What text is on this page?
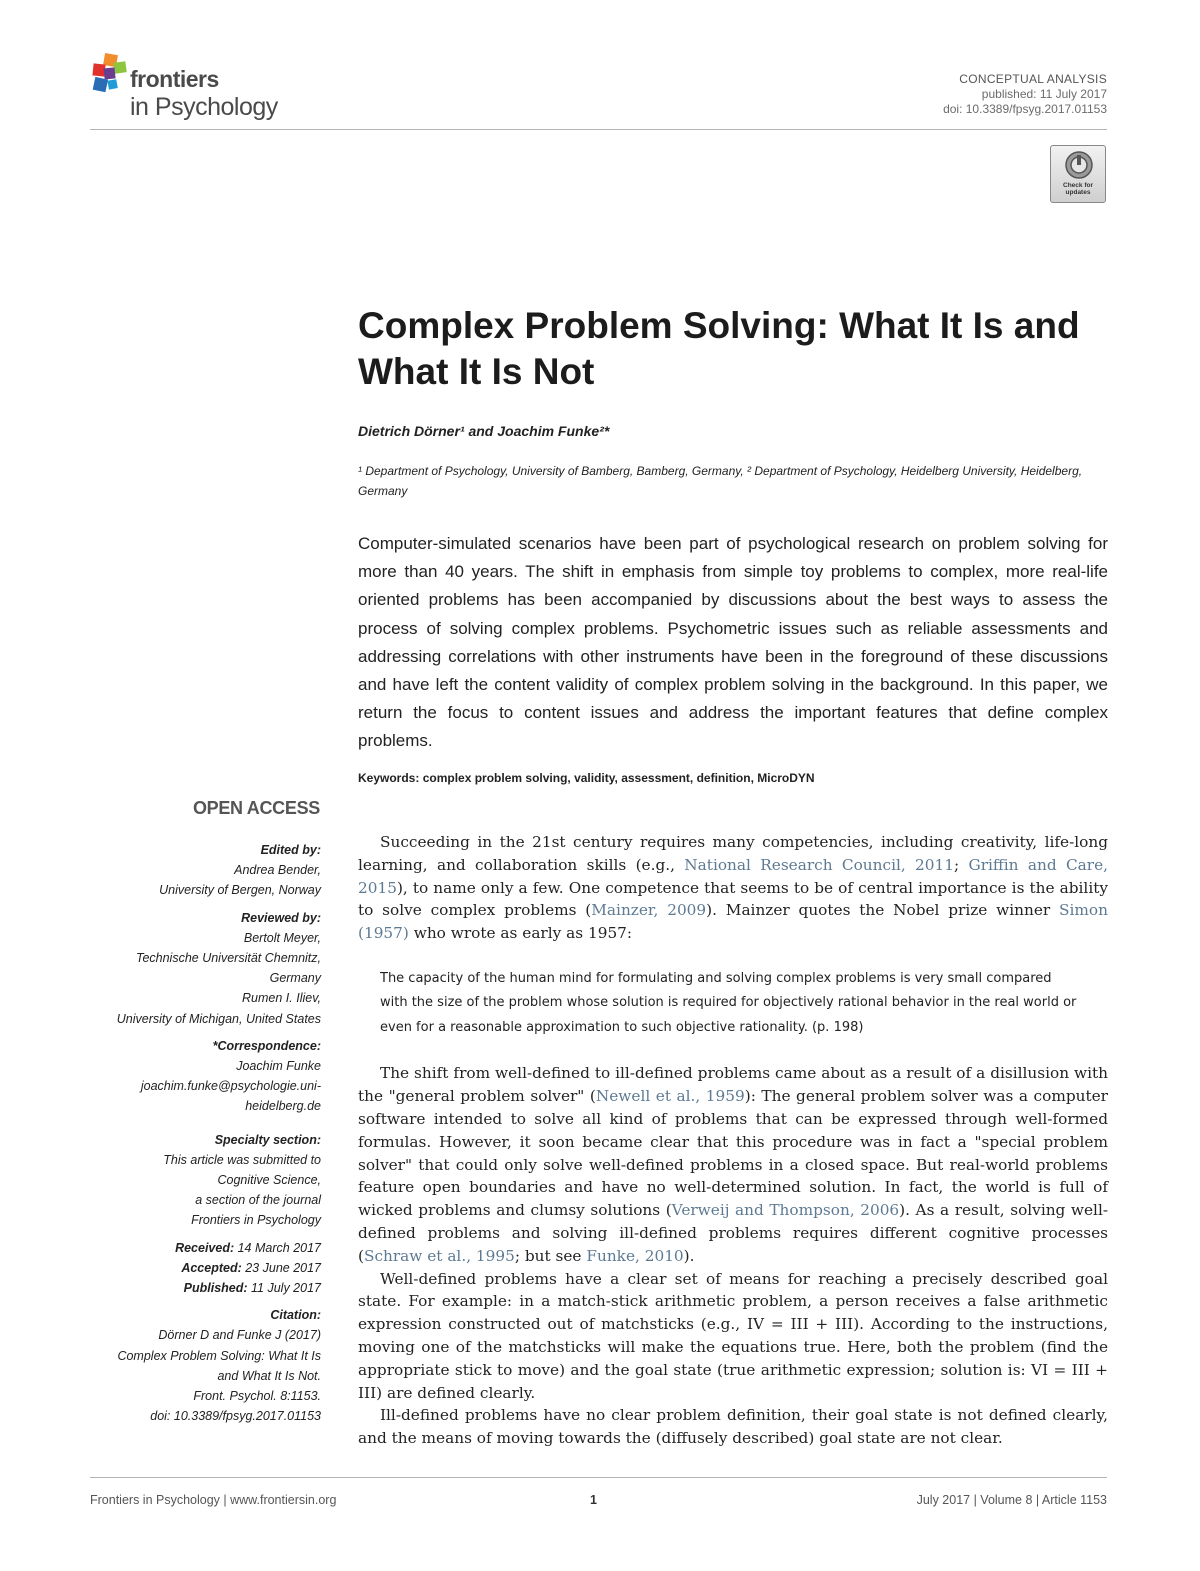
frontiers
in Psychology
CONCEPTUAL ANALYSIS
published: 11 July 2017
doi: 10.3389/fpsyg.2017.01153
Check for updates
Complex Problem Solving: What It Is and What It Is Not
Dietrich Dörner¹ and Joachim Funke²*
¹ Department of Psychology, University of Bamberg, Bamberg, Germany, ² Department of Psychology, Heidelberg University, Heidelberg, Germany

Computer-simulated scenarios have been part of psychological research on problem solving for more than 40 years. The shift in emphasis from simple toy problems to complex, more real-life oriented problems has been accompanied by discussions about the best ways to assess the process of solving complex problems. Psychometric issues such as reliable assessments and addressing correlations with other instruments have been in the foreground of these discussions and have left the content validity of complex problem solving in the background. In this paper, we return the focus to content issues and address the important features that define complex problems.

Keywords: complex problem solving, validity, assessment, definition, MicroDYN
OPEN ACCESS
Edited by:
Andrea Bender,
University of Bergen, Norway
Reviewed by:
Bertolt Meyer,
Technische Universität Chemnitz,
Germany
Rumen I. Iliev,
University of Michigan, United States
*Correspondence:
Joachim Funke
joachim.funke@psychologie.uni-
heidelberg.de
Specialty section:
This article was submitted to
Cognitive Science,
a section of the journal
Frontiers in Psychology
Received: 14 March 2017
Accepted: 23 June 2017
Published: 11 July 2017
Citation:
Dörner D and Funke J (2017)
Complex Problem Solving: What It Is
and What It Is Not.
Front. Psychol. 8:1153.
doi: 10.3389/fpsyg.2017.01153

Succeeding in the 21st century requires many competencies, including creativity, life-long learning, and collaboration skills (e.g., National Research Council, 2011; Griffin and Care, 2015), to name only a few. One competence that seems to be of central importance is the ability to solve complex problems (Mainzer, 2009). Mainzer quotes the Nobel prize winner Simon (1957) who wrote as early as 1957:

The capacity of the human mind for formulating and solving complex problems is very small compared with the size of the problem whose solution is required for objectively rational behavior in the real world or even for a reasonable approximation to such objective rationality. (p. 198)

The shift from well-defined to ill-defined problems came about as a result of a disillusion with the "general problem solver" (Newell et al., 1959): The general problem solver was a computer software intended to solve all kind of problems that can be expressed through well-formed formulas. However, it soon became clear that this procedure was in fact a "special problem solver" that could only solve well-defined problems in a closed space. But real-world problems feature open boundaries and have no well-determined solution. In fact, the world is full of wicked problems and clumsy solutions (Verweij and Thompson, 2006). As a result, solving well-defined problems and solving ill-defined problems requires different cognitive processes (Schraw et al., 1995; but see Funke, 2010).

Well-defined problems have a clear set of means for reaching a precisely described goal state. For example: in a match-stick arithmetic problem, a person receives a false arithmetic expression constructed out of matchsticks (e.g., IV = III + III). According to the instructions, moving one of the matchsticks will make the equations true. Here, both the problem (find the appropriate stick to move) and the goal state (true arithmetic expression; solution is: VI = III + III) are defined clearly.

Ill-defined problems have no clear problem definition, their goal state is not defined clearly, and the means of moving towards the (diffusely described) goal state are not clear.

Frontiers in Psychology | www.frontiersin.org	1	July 2017 | Volume 8 | Article 1153
